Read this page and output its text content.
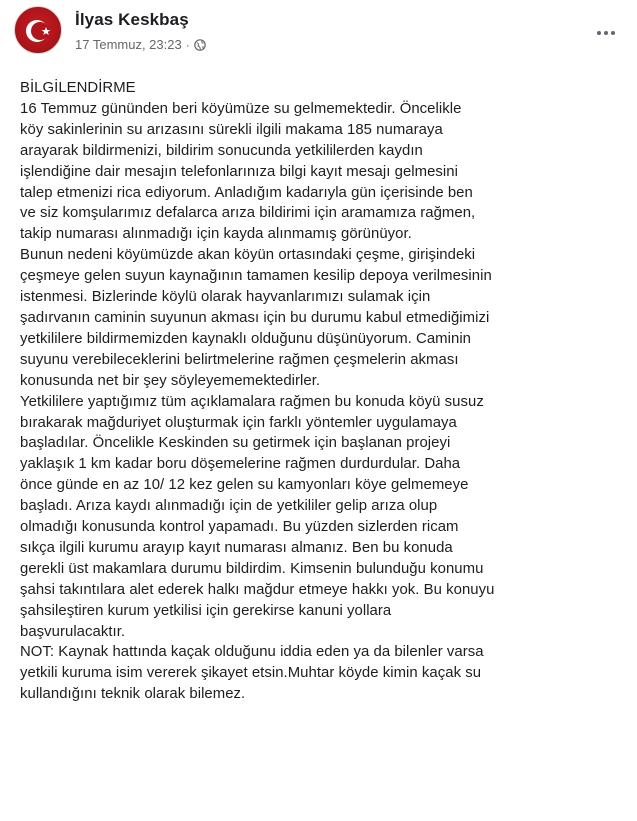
İlyas Keskbaş
17 Temmuz, 23:23 ·

BİLGİLENDİRME

16 Temmuz gününden beri köyümüze su gelmemektedir. Öncelikle

köy sakinlerinin su arızasını sürekli ilgili makama 185 numaraya

arayarak bildirmenizi, bildirim sonucunda yetkililerden kaydın

işlendiğine dair mesajın telefonlarınıza bilgi kayıt mesajı gelmesini

talep etmenizi rica ediyorum. Anladığım kadarıyla gün içerisinde ben

ve siz komşularımız defalarca arıza bildirimi için aramamıza rağmen,

takip numarası alınmadığı için kayda alınmamış görünüyor.

Bunun nedeni köyümüzde akan köyün ortasındaki çeşme, girişindeki

çeşmeye gelen suyun kaynağının tamamen kesilip depoya verilmesinin

istenmesi. Bizlerinde köylü olarak hayvanlarımızı sulamak için

şadırvanın caminin suyunun akması için bu durumu kabul etmediğimizi

yetkililere bildirmemizden kaynaklı olduğunu düşünüyorum. Caminin

suyunu verebileceklerini belirtmelerine rağmen çeşmelerin akması

konusunda net bir şey söyleyememektedirler.

Yetkililere yaptığımız tüm açıklamalara rağmen bu konuda köyü susuz

bırakarak mağduriyet oluşturmak için farklı yöntemler uygulamaya

başladılar. Öncelikle Keskinden su getirmek için başlanan projeyi

yaklaşık 1 km kadar boru döşemelerine rağmen durdurdular. Daha

önce günde en az 10/ 12 kez gelen su kamyonları köye gelmemeye

başladı. Arıza kaydı alınmadığı için de yetkililer gelip arıza olup

olmadığı konusunda kontrol yapamadı. Bu yüzden sizlerden ricam

sıkça ilgili kurumu arayıp kayıt numarası almanız. Ben bu konuda

gerekli üst makamlara durumu bildirdim. Kimsenin bulunduğu konumu

şahsi takıntılara alet ederek halkı mağdur etmeye hakkı yok. Bu konuyu

şahsileştiren kurum yetkilisi için gerekirse kanuni yollara

başvurulacaktır.

NOT: Kaynak hattında kaçak olduğunu iddia eden ya da bilenler varsa

yetkili kuruma isim vererek şikayet etsin.Muhtar köyde kimin kaçak su

kullandığını teknik olarak bilemez.
